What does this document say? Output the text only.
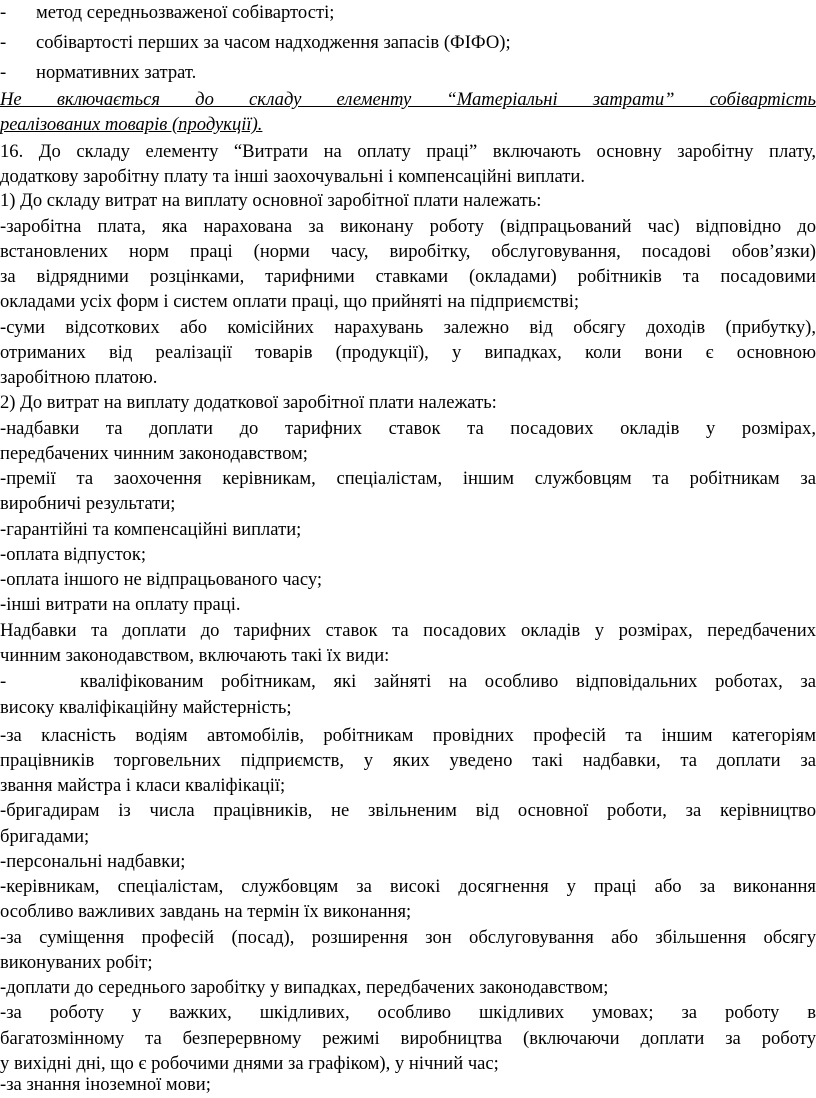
- метод середньозваженої собівартості;
- собівартості перших за часом надходження запасів (ФІФО);
- нормативних затрат.
Не включається до складу елементу “Матеріальні затрати” собівартість
реалізованих товарів (продукції).
16. До складу елементу “Витрати на оплату праці” включають основну заробітну плату,
додаткову заробітну плату та інші заохочувальні і компенсаційні виплати.
1) До складу витрат на виплату основної заробітної плати належать:
-заробітна плата, яка нарахована за виконану роботу (відпрацьований час) відповідно до
встановлених норм праці (норми часу, виробітку, обслуговування, посадові обов’язки)
за відрядними розцінками, тарифними ставками (окладами) робітників та посадовими
окладами усіх форм і систем оплати праці, що прийняті на підприємстві;
-суми відсоткових або комісійних нарахувань залежно від обсягу доходів (прибутку),
отриманих від реалізації товарів (продукції), у випадках, коли вони є основною
заробітною платою.
2) До витрат на виплату додаткової заробітної плати належать:
-надбавки та доплати до тарифних ставок та посадових окладів у розмірах,
передбачених чинним законодавством;
-премії та заохочення керівникам, спеціалістам, іншим службовцям та робітникам за
виробничі результати;
-гарантійні та компенсаційні виплати;
-оплата відпусток;
-оплата іншого не відпрацьованого часу;
-інші витрати на оплату праці.
Надбавки та доплати до тарифних ставок та посадових окладів у розмірах, передбачених
чинним законодавством, включають такі їх види:
-	кваліфікованим робітникам, які зайняті на особливо відповідальних роботах, за
високу кваліфікаційну майстерність;
-за класність водіям автомобілів, робітникам провідних професій та іншим категоріям
працівників торговельних підприємств, у яких уведено такі надбавки, та доплати за
звання майстра і класи кваліфікації;
-бригадирам із числа працівників, не звільненим від основної роботи, за керівництво
бригадами;
-персональні надбавки;
-керівникам, спеціалістам, службовцям за високі досягнення у праці або за виконання
особливо важливих завдань на термін їх виконання;
-за суміщення професій (посад), розширення зон обслуговування або збільшення обсягу
виконуваних робіт;
-доплати до середнього заробітку у випадках, передбачених законодавством;
-за роботу у важких, шкідливих, особливо шкідливих умовах; за роботу в
багатозмінному та безперервному режимі виробництва (включаючи доплати за роботу
у вихідні дні, що є робочими днями за графіком), у нічний час;
-за знання іноземної мови;
